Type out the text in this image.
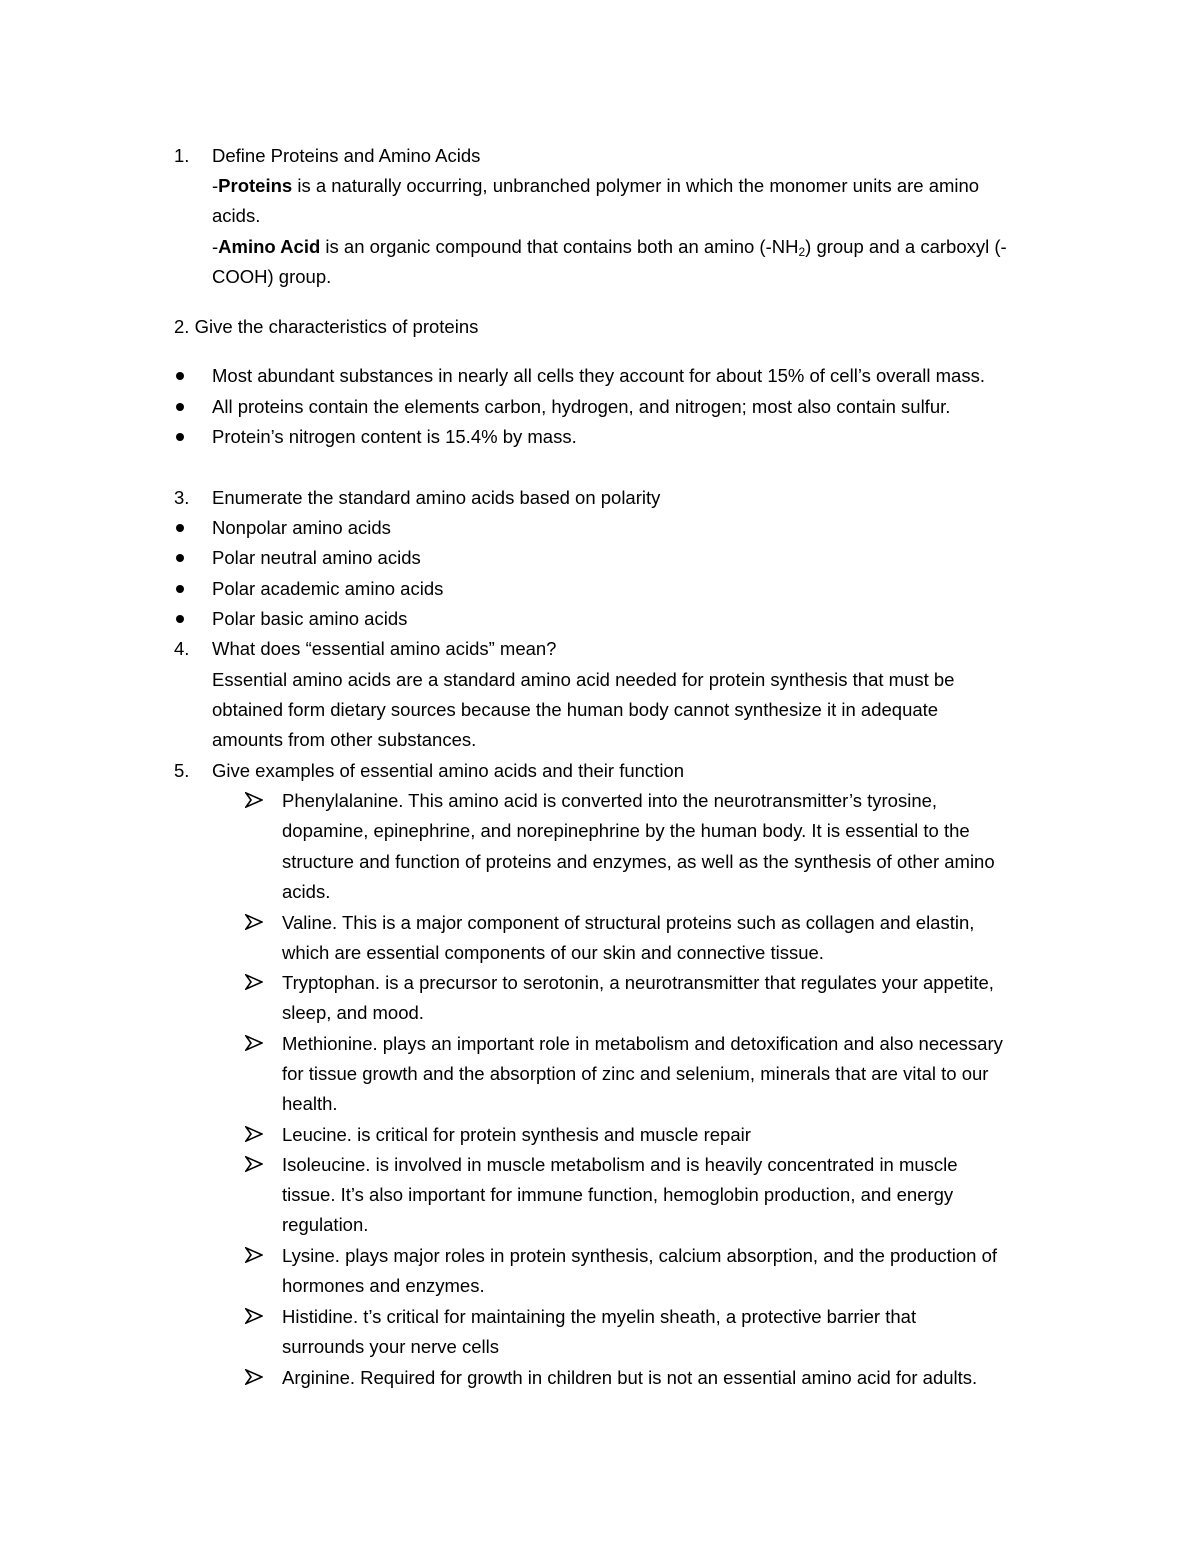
1. Define Proteins and Amino Acids
-Proteins is a naturally occurring, unbranched polymer in which the monomer units are amino
acids.
-Amino Acid is an organic compound that contains both an amino $(-NH_2)$ group and a carboxyl (-
COOH) group.
2. Give the characteristics of proteins
Most abundant substances in nearly all cells they account for about 15% of cell’s overall mass.
All proteins contain the elements carbon, hydrogen, and nitrogen; most also contain sulfur.
Protein’s nitrogen content is 15.4% by mass.
3. Enumerate the standard amino acids based on polarity
Nonpolar amino acids
Polar neutral amino acids
Polar academic amino acids
Polar basic amino acids
4. What does “essential amino acids” mean?
Essential amino acids are a standard amino acid needed for protein synthesis that must be
obtained form dietary sources because the human body cannot synthesize it in adequate
amounts from other substances.
5. Give examples of essential amino acids and their function
Phenylalanine. This amino acid is converted into the neurotransmitter’s tyrosine,
dopamine, epinephrine, and norepinephrine by the human body. It is essential to the
structure and function of proteins and enzymes, as well as the synthesis of other amino
acids.
Valine. This is a major component of structural proteins such as collagen and elastin,
which are essential components of our skin and connective tissue.
Tryptophan. is a precursor to serotonin, a neurotransmitter that regulates your appetite,
sleep, and mood.
Methionine. plays an important role in metabolism and detoxification and also necessary
for tissue growth and the absorption of zinc and selenium, minerals that are vital to our
health.
Leucine. is critical for protein synthesis and muscle repair
Isoleucine. is involved in muscle metabolism and is heavily concentrated in muscle
tissue. It’s also important for immune function, hemoglobin production, and energy
regulation.
Lysine. plays major roles in protein synthesis, calcium absorption, and the production of
hormones and enzymes.
Histidine. t’s critical for maintaining the myelin sheath, a protective barrier that
surrounds your nerve cells
Arginine. Required for growth in children but is not an essential amino acid for adults.
